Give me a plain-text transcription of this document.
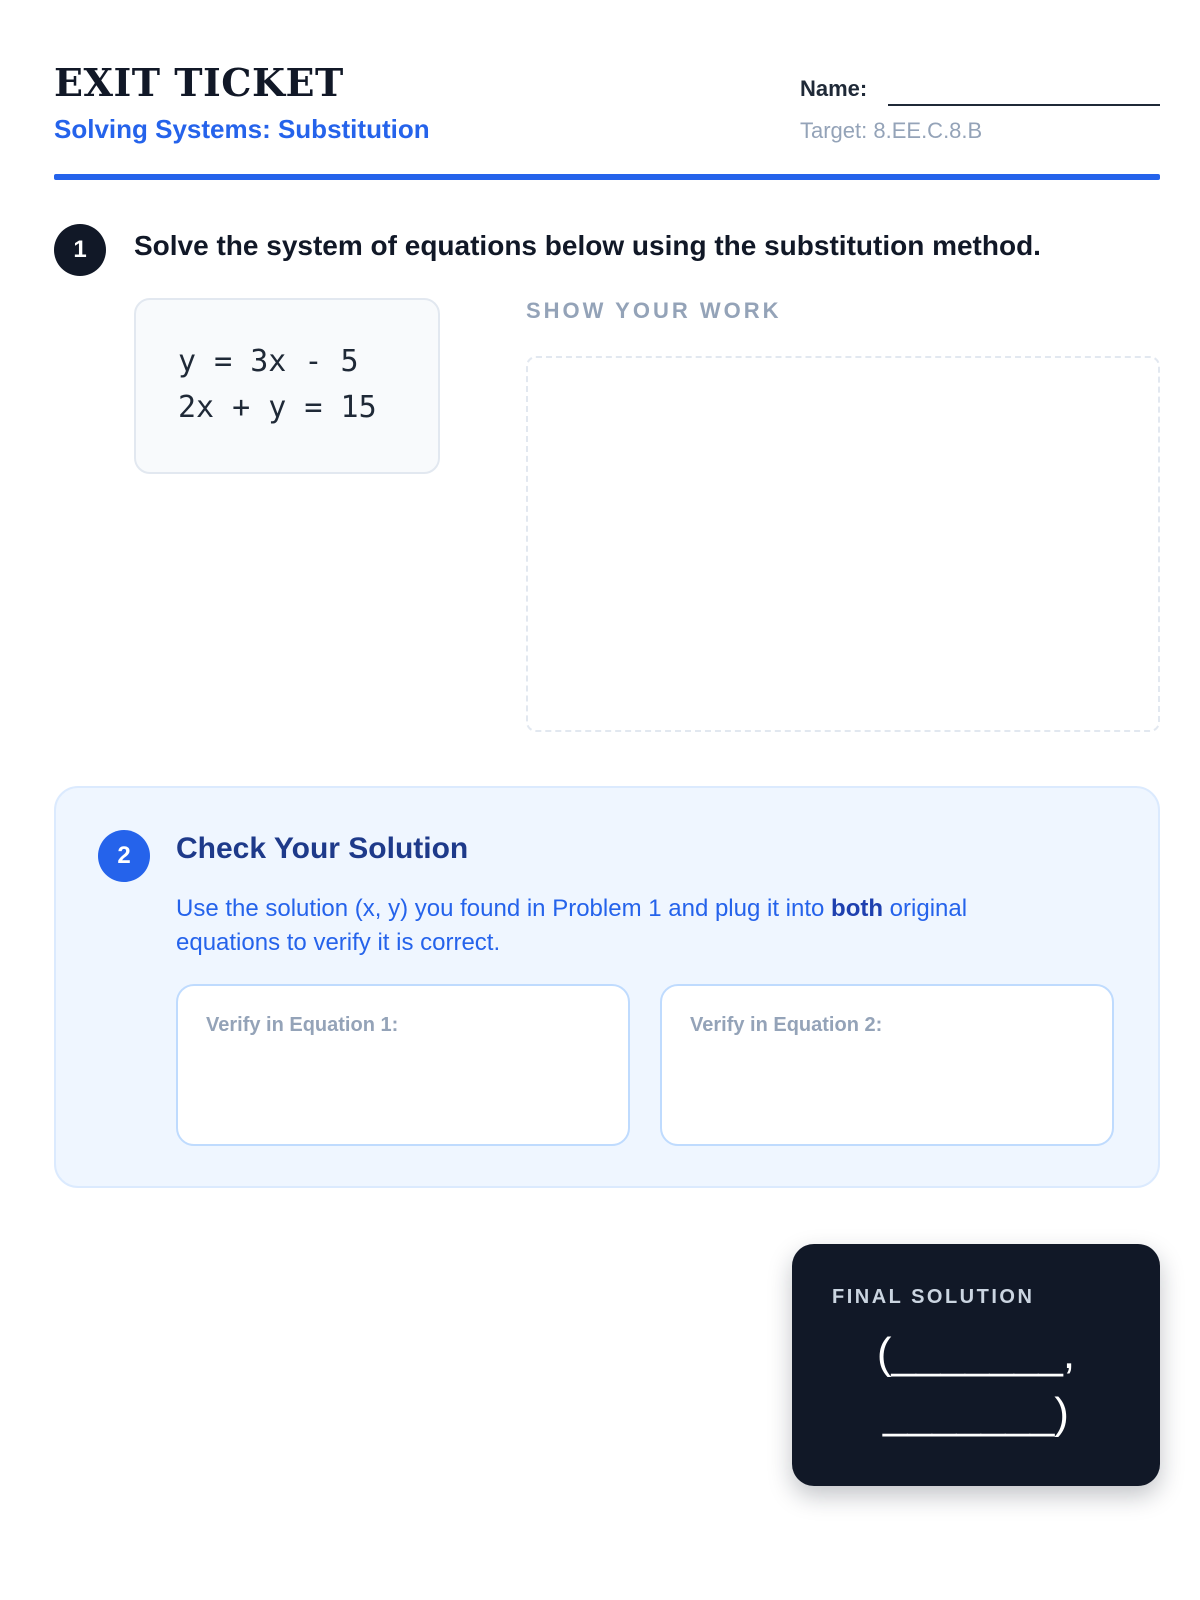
EXIT TICKET
Solving Systems: Substitution
Name:
Target: 8.EE.C.8.B
1	Solve the system of equations below using the substitution method.
y = 3x - 5
2x + y = 15
SHOW YOUR WORK
2	Check Your Solution
Use the solution (x, y) you found in Problem 1 and plug it into both original equations to verify it is correct.
Verify in Equation 1:	Verify in Equation 2:
FINAL SOLUTION
(_______,
_______)
